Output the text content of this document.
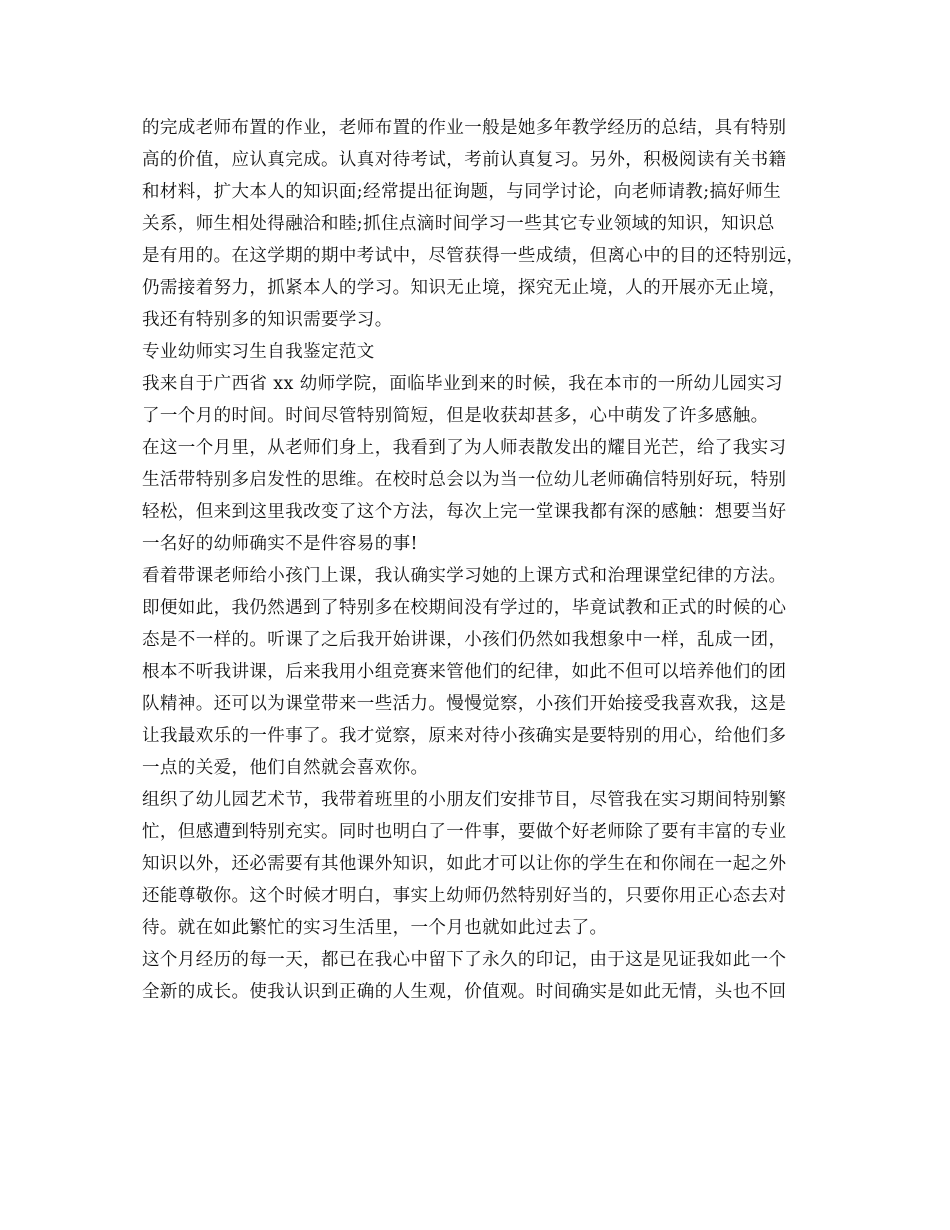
的完成老师布置的作业，老师布置的作业一般是她多年教学经历的总结，具有特别
高的价值，应认真完成。认真对待考试，考前认真复习。另外，积极阅读有关书籍
和材料，扩大本人的知识面;经常提出征询题，与同学讨论，向老师请教;搞好师生
关系，师生相处得融洽和睦;抓住点滴时间学习一些其它专业领域的知识，知识总
是有用的。在这学期的期中考试中，尽管获得一些成绩，但离心中的目的还特别远，
仍需接着努力，抓紧本人的学习。知识无止境，探究无止境，人的开展亦无止境，
我还有特别多的知识需要学习。
专业幼师实习生自我鉴定范文
我来自于广西省 xx 幼师学院，面临毕业到来的时候，我在本市的一所幼儿园实习
了一个月的时间。时间尽管特别简短，但是收获却甚多，心中萌发了许多感触。
在这一个月里，从老师们身上，我看到了为人师表散发出的耀目光芒，给了我实习
生活带特别多启发性的思维。在校时总会以为当一位幼儿老师确信特别好玩，特别
轻松，但来到这里我改变了这个方法，每次上完一堂课我都有深的感触：想要当好
一名好的幼师确实不是件容易的事!
看着带课老师给小孩门上课，我认确实学习她的上课方式和治理课堂纪律的方法。
即便如此，我仍然遇到了特别多在校期间没有学过的，毕竟试教和正式的时候的心
态是不一样的。听课了之后我开始讲课，小孩们仍然如我想象中一样，乱成一团，
根本不听我讲课，后来我用小组竞赛来管他们的纪律，如此不但可以培养他们的团
队精神。还可以为课堂带来一些活力。慢慢觉察，小孩们开始接受我喜欢我，这是
让我最欢乐的一件事了。我才觉察，原来对待小孩确实是要特别的用心，给他们多
一点的关爱，他们自然就会喜欢你。
组织了幼儿园艺术节，我带着班里的小朋友们安排节目，尽管我在实习期间特别繁
忙，但感遭到特别充实。同时也明白了一件事，要做个好老师除了要有丰富的专业
知识以外，还必需要有其他课外知识，如此才可以让你的学生在和你闹在一起之外
还能尊敬你。这个时候才明白，事实上幼师仍然特别好当的，只要你用正心态去对
待。就在如此繁忙的实习生活里，一个月也就如此过去了。
这个月经历的每一天，都已在我心中留下了永久的印记，由于这是见证我如此一个
全新的成长。使我认识到正确的人生观，价值观。时间确实是如此无情，头也不回
